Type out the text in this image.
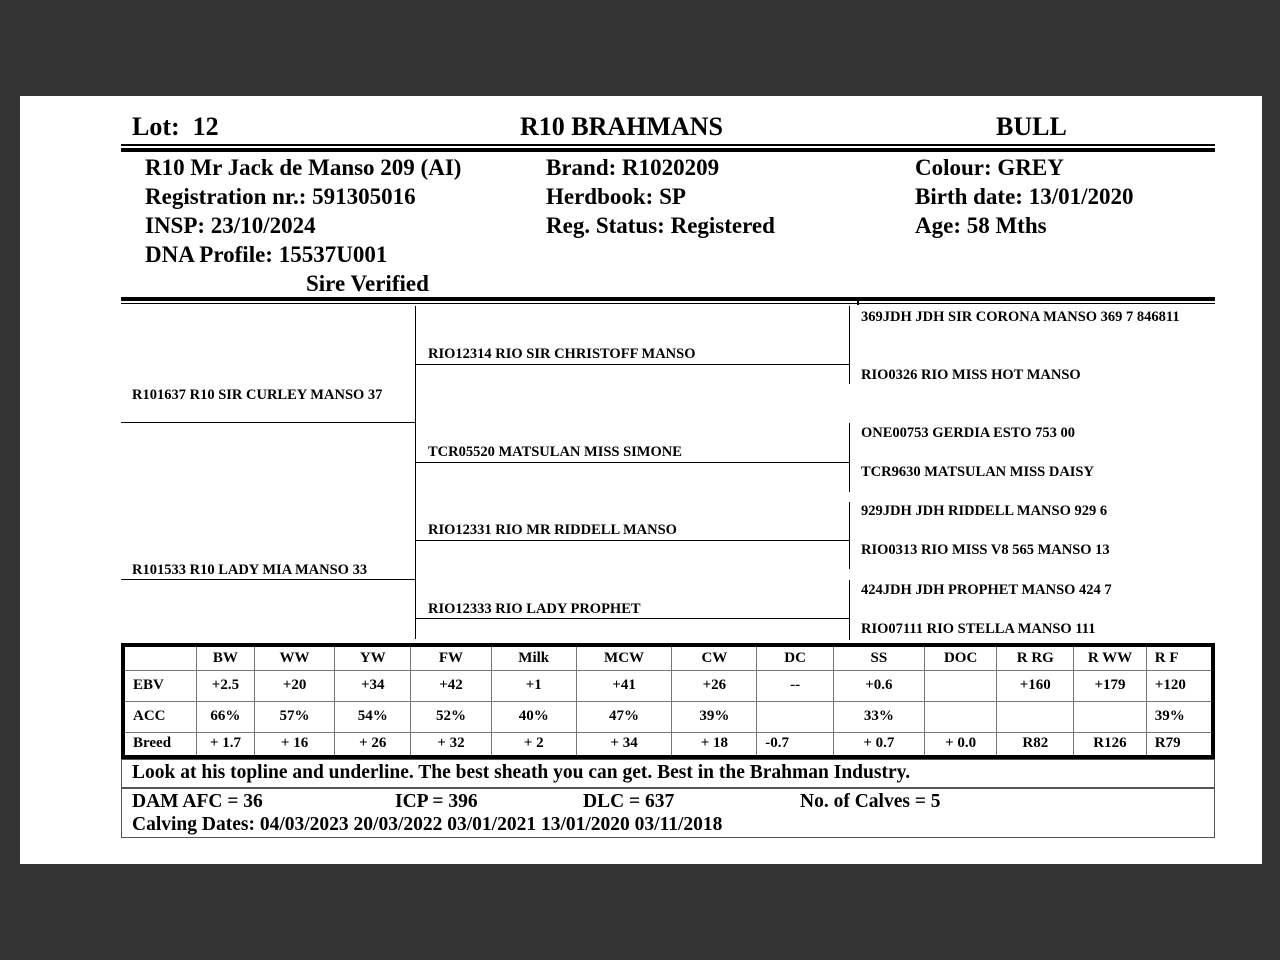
Lot: 12	R10 BRAHMANS	BULL
R10 Mr Jack de Manso 209 (AI)
Registration nr.: 591305016
INSP: 23/10/2024
DNA Profile: 15537U001
Sire Verified
Brand: R1020209
Herdbook: SP
Reg. Status: Registered
Colour: GREY
Birth date: 13/01/2020
Age: 58 Mths
R101637 R10 SIR CURLEY MANSO 37
R101533 R10 LADY MIA MANSO 33
RIO12314 RIO SIR CHRISTOFF MANSO
TCR05520 MATSULAN MISS SIMONE
RIO12331 RIO MR RIDDELL MANSO
RIO12333 RIO LADY PROPHET
369JDH JDH SIR CORONA MANSO 369 7 846811
RIO0326 RIO MISS HOT MANSO
ONE00753 GERDIA ESTO 753 00
TCR9630 MATSULAN MISS DAISY
929JDH JDH RIDDELL MANSO 929 6
RIO0313 RIO MISS V8 565 MANSO 13
424JDH JDH PROPHET MANSO 424 7
RIO07111 RIO STELLA MANSO 111
	BW	WW	YW	FW	Milk	MCW	CW	DC	SS	DOC	R RG	R WW	R F
EBV	+2.5	+20	+34	+42	+1	+41	+26	--	+0.6		+160	+179	+120
ACC	66%	57%	54%	52%	40%	47%	39%		33%				39%
Breed	+ 1.7	+ 16	+ 26	+ 32	+ 2	+ 34	+ 18	-0.7	+ 0.7	+ 0.0	R82	R126	R79
Look at his topline and underline. The best sheath you can get. Best in the Brahman Industry.
DAM AFC = 36	ICP = 396	DLC = 637	No. of Calves = 5
Calving Dates: 04/03/2023 20/03/2022 03/01/2021 13/01/2020 03/11/2018
